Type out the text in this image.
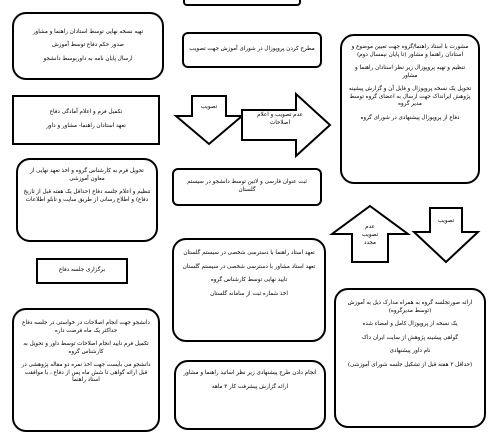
تهیه نسخه نهایی توسط استادان راهنما و مشاور

صدور حکم دفاع توسط آموزش

ارسال پایان نامه به داوربوسط دانشجو

مطرح کردن پروپوزال در شورای آموزش جهت تصویب	مشورت با استاد راهنما/گروه جهت تعیین موضوع و استادان راهنما و مشاور (تا پایان نیمسال دوم)

تنظیم و تهیه پروپوزال زیر نظر استادان راهنما و مشاور

تحویل یک نسخه پروپوزال و فایل آن و گزارش پیشینه پژوهش ایرانداک جهت ارسال به اعضای گروه توسط مدیر گروه

دفاع از پروپوزال پیشنهادی در شورای گروه

تکمیل فرم و اعلام آمادگی دفاع

تعهد استادان راهنما- مشاور و داور

تصویب
عدم تصویب و اعلام اصلاحات

تحویل فرم به کارشناس گروه و اخذ تعهد نهایی از معاون آموزشی

تنظیم و اعلام جلسه دفاع (حداقل یک هفته قبل از تاریخ دفاع) و اطلاع رسانی از طریق سایت و تابلو اطلاعات

ثبت عنوان فارسی و لاتین توسط دانشجو در سیستم گلستان

عدم
تصویب
مجدد
تصویب

برگزاری جلسه دفاع

تعهد استاد راهنما با دسترسی شخصی در سیستم گلستان

تعهد استاد مشاور با دسترسی شخصی در سیستم گلستان

تایید نهایی توسط کارشناس گروه

اخذ شماره ثبت از سامانه گلستان

ارائه صورتجلسه گروه به همراه مدارک ذیل به آموزش (توسط مدیرگروه)

یک نسخه از پروپوزال کامل و امضاء شده

گواهی پیشینه پژوهش از سایت ایران داک

نام داور پیشنهادی

(حداقل ۳ هفته قبل از تشکیل جلسه شورای آموزشی)

دانشجو جهت انجام اصلاحات در خواستی در جلسه دفاع حداکثر یک ماه فرصت داره

تکمیل فرم تایید انجام اصلاحات توسط داور و تحویل به کارشناس گروه

دانشجو می بایست جهت اخذ نمره دو مقاله پژوهشی در قبل ارائه گواهی تا شش ماه پس از دفاع ، با موافقت استاد راهنما

انجام دادن طرح پیشنهادی زیر نظر اساتید راهنما و مشاور

ارائه گزارش پیشرفت کار ۳ ماهه
